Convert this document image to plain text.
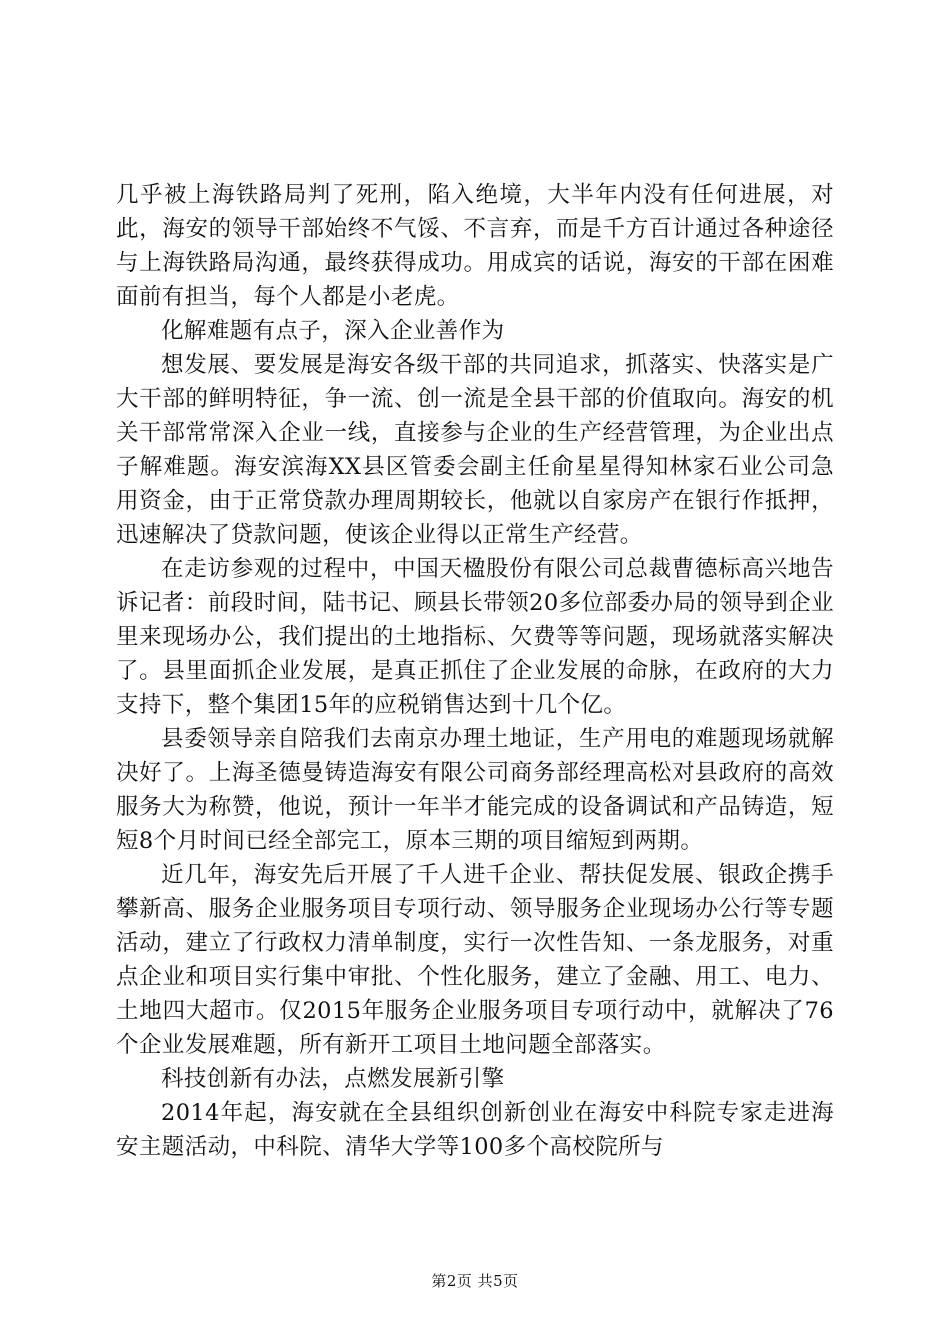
几乎被上海铁路局判了死刑，陷入绝境，大半年内没有任何进展，对此，海安的领导干部始终不气馁、不言弃，而是千方百计通过各种途径与上海铁路局沟通，最终获得成功。用成宾的话说，海安的干部在困难面前有担当，每个人都是小老虎。

化解难题有点子，深入企业善作为

想发展、要发展是海安各级干部的共同追求，抓落实、快落实是广大干部的鲜明特征，争一流、创一流是全县干部的价值取向。海安的机关干部常常深入企业一线，直接参与企业的生产经营管理，为企业出点子解难题。海安滨海XX县区管委会副主任俞星星得知林家石业公司急用资金，由于正常贷款办理周期较长，他就以自家房产在银行作抵押，迅速解决了贷款问题，使该企业得以正常生产经营。

在走访参观的过程中，中国天楹股份有限公司总裁曹德标高兴地告诉记者：前段时间，陆书记、顾县长带领20多位部委办局的领导到企业里来现场办公，我们提出的土地指标、欠费等等问题，现场就落实解决了。县里面抓企业发展，是真正抓住了企业发展的命脉，在政府的大力支持下，整个集团15年的应税销售达到十几个亿。

县委领导亲自陪我们去南京办理土地证，生产用电的难题现场就解决好了。上海圣德曼铸造海安有限公司商务部经理高松对县政府的高效服务大为称赞，他说，预计一年半才能完成的设备调试和产品铸造，短短8个月时间已经全部完工，原本三期的项目缩短到两期。

近几年，海安先后开展了千人进千企业、帮扶促发展、银政企携手攀新高、服务企业服务项目专项行动、领导服务企业现场办公行等专题活动，建立了行政权力清单制度，实行一次性告知、一条龙服务，对重点企业和项目实行集中审批、个性化服务，建立了金融、用工、电力、土地四大超市。仅2015年服务企业服务项目专项行动中，就解决了76个企业发展难题，所有新开工项目土地问题全部落实。

科技创新有办法，点燃发展新引擎

2014年起，海安就在全县组织创新创业在海安中科院专家走进海安主题活动，中科院、清华大学等100多个高校院所与

第2页 共5页
